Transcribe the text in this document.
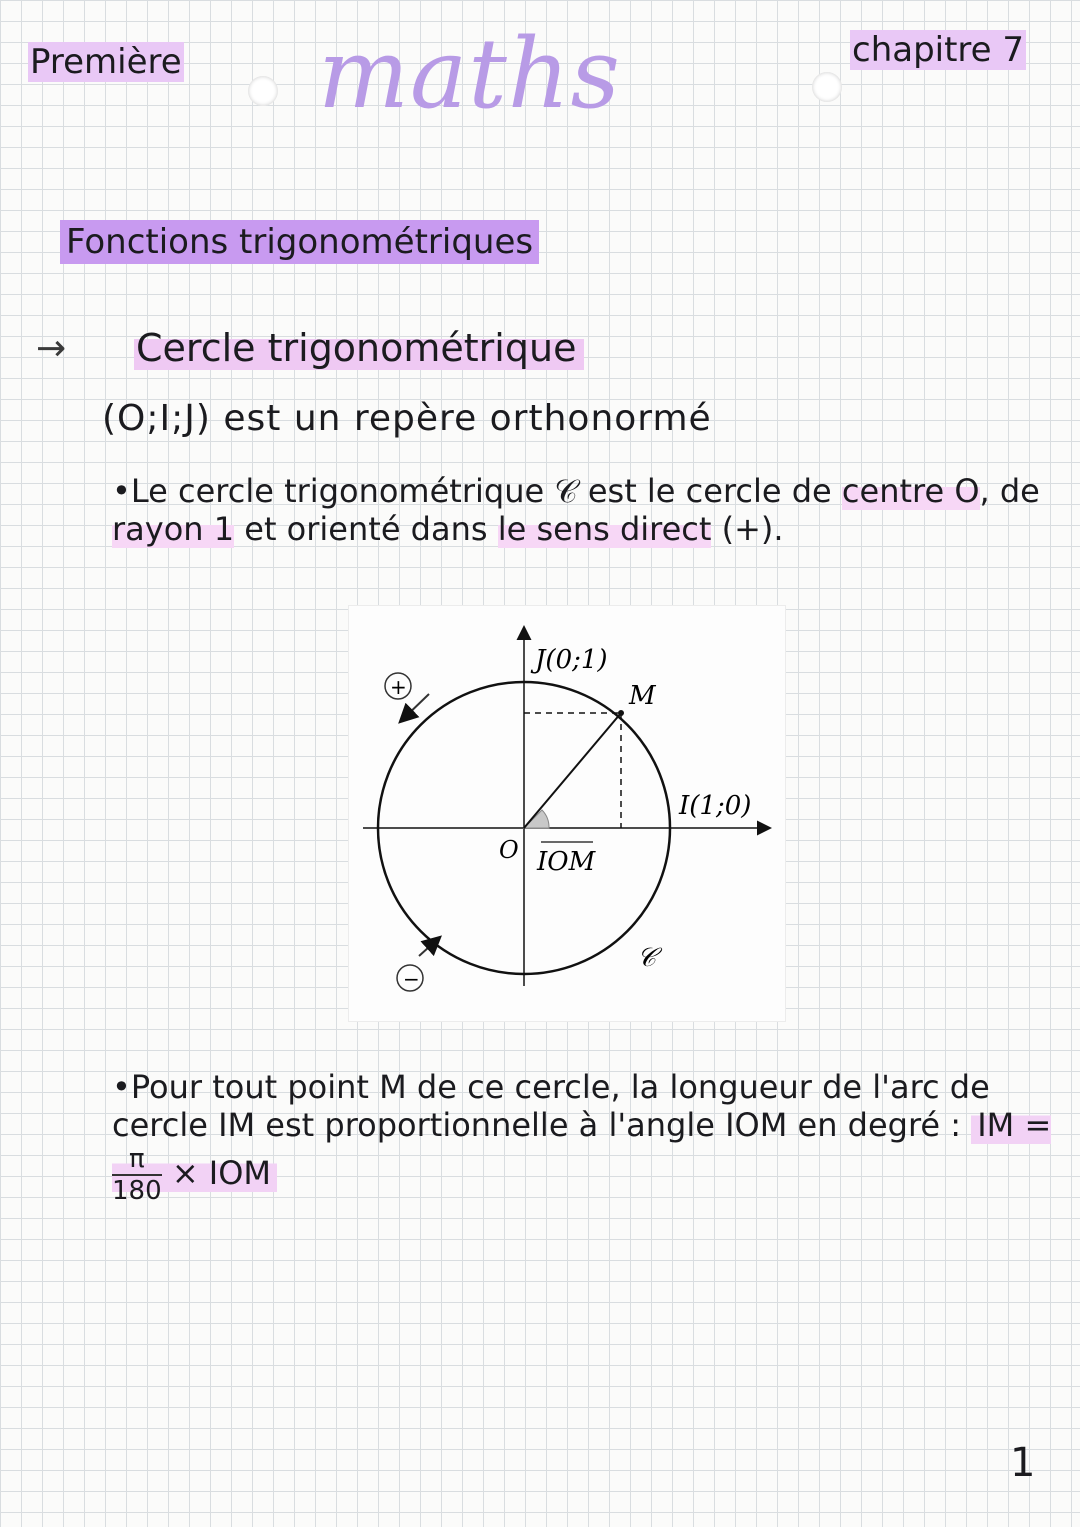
Première maths	chapitre 7
Fonctions trigonométriques
→ Cercle trigonométrique
(O;I;J) est un repère orthonormé
•Le cercle trigonométrique 𝒞 est le cercle de centre O, de rayon 1 et orienté dans le sens direct (+).
J(0;1)
M
I(1;0)
O IOM
𝒞
+
−
•Pour tout point M de ce cercle, la longueur de l'arc de cercle IM est proportionnelle à l'angle IOM en degré : IM =
$\frac{\pi}{180}$ × IOM
1
